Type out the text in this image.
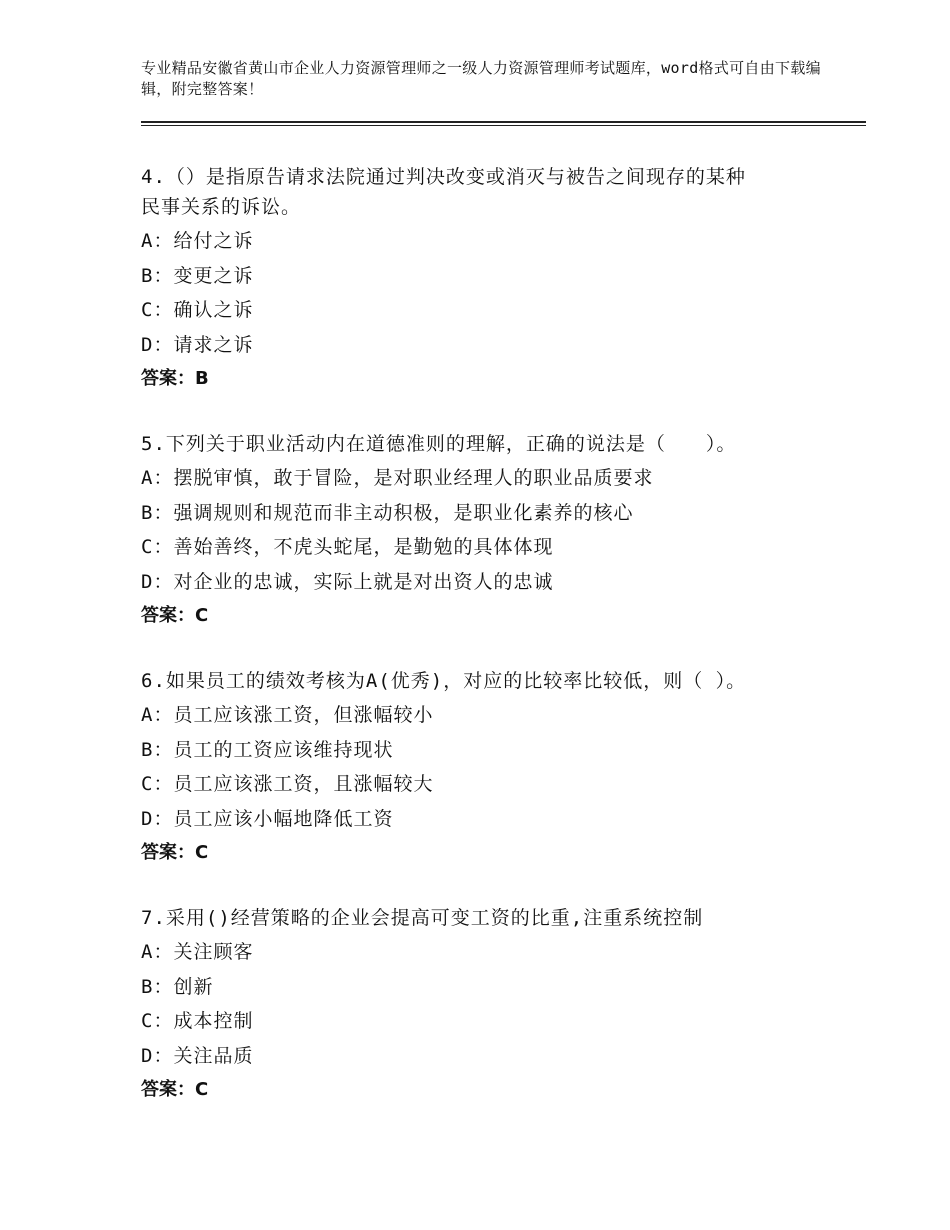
专业精品安徽省黄山市企业人力资源管理师之一级人力资源管理师考试题库，word格式可自由下载编辑，附完整答案！

4.（）是指原告请求法院通过判决改变或消灭与被告之间现存的某种

民事关系的诉讼。

A：给付之诉

B：变更之诉

C：确认之诉

D：请求之诉

答案：B

5.下列关于职业活动内在道德准则的理解，正确的说法是（　　）。

A：摆脱审慎，敢于冒险，是对职业经理人的职业品质要求

B：强调规则和规范而非主动积极，是职业化素养的核心

C：善始善终，不虎头蛇尾，是勤勉的具体体现

D：对企业的忠诚，实际上就是对出资人的忠诚

答案：C

6.如果员工的绩效考核为A(优秀)，对应的比较率比较低，则（ ）。

A：员工应该涨工资，但涨幅较小

B：员工的工资应该维持现状

C：员工应该涨工资，且涨幅较大

D：员工应该小幅地降低工资

答案：C

7.采用()经营策略的企业会提高可变工资的比重,注重系统控制

A：关注顾客

B：创新

C：成本控制

D：关注品质

答案：C
